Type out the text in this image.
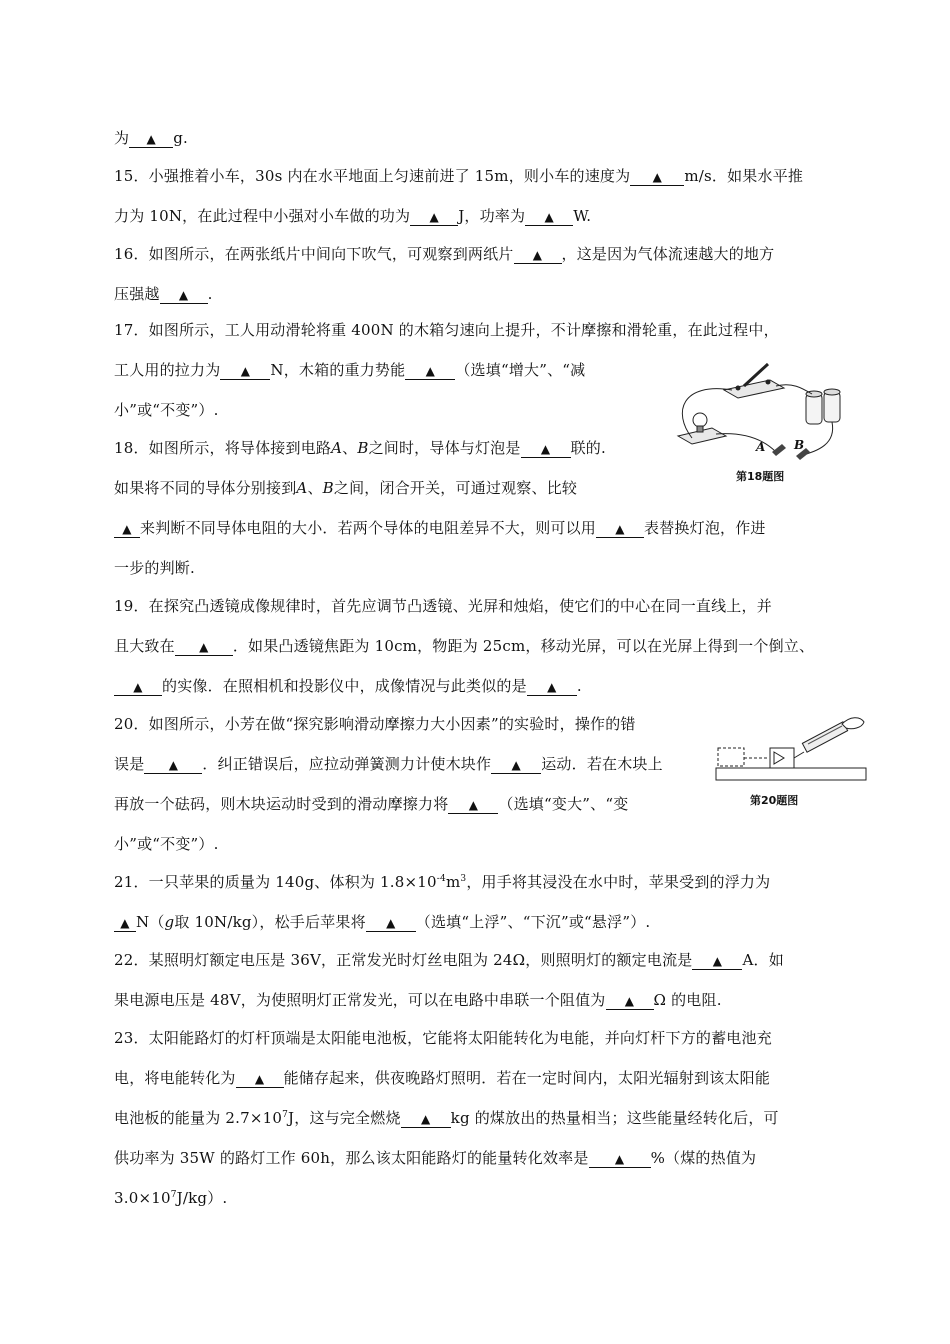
为 ▲ g.
15．小强推着小车，30s 内在水平地面上匀速前进了 15m，则小车的速度为 ▲ m/s．如果水平推
力为 10N，在此过程中小强对小车做的功为 ▲ J，功率为 ▲ W.
16．如图所示，在两张纸片中间向下吹气，可观察到两纸片 ▲ ，这是因为气体流速越大的地方
压强越 ▲ .
17．如图所示，工人用动滑轮将重 400N 的木箱匀速向上提升，不计摩擦和滑轮重，在此过程中，
工人用的拉力为 ▲ N，木箱的重力势能 ▲ （选填“增大”、“减
小”或“不变”）.
18．如图所示，将导体接到电路A、B之间时，导体与灯泡是 ▲ 联的.
如果将不同的导体分别接到A、B之间，闭合开关，可通过观察、比较
▲ 来判断不同导体电阻的大小．若两个导体的电阻差异不大，则可以用 ▲ 表替换灯泡，作进
一步的判断.
19．在探究凸透镜成像规律时，首先应调节凸透镜、光屏和烛焰，使它们的中心在同一直线上，并
且大致在 ▲ ．如果凸透镜焦距为 10cm，物距为 25cm，移动光屏，可以在光屏上得到一个倒立、
▲ 的实像．在照相机和投影仪中，成像情况与此类似的是 ▲ .
20．如图所示，小芳在做“探究影响滑动摩擦力大小因素”的实验时，操作的错
误是 ▲ ．纠正错误后，应拉动弹簧测力计使木块作 ▲ 运动．若在木块上
再放一个砝码，则木块运动时受到的滑动摩擦力将 ▲ （选填“变大”、“变
小”或“不变”）.
21．一只苹果的质量为 140g、体积为 $1.8\times 10^{-4}m^3$，用手将其浸没在水中时，苹果受到的浮力为
▲ N（g取 10N/kg），松手后苹果将 ▲ （选填“上浮”、“下沉”或“悬浮”）.
22．某照明灯额定电压是 36V，正常发光时灯丝电阻为 24Ω，则照明灯的额定电流是 ▲ A．如
果电源电压是 48V，为使照明灯正常发光，可以在电路中串联一个阻值为 ▲ Ω 的电阻.
23．太阳能路灯的灯杆顶端是太阳能电池板，它能将太阳能转化为电能，并向灯杆下方的蓄电池充
电，将电能转化为 ▲ 能储存起来，供夜晚路灯照明．若在一定时间内，太阳光辐射到该太阳能
电池板的能量为 $2.7\times 10^7J$，这与完全燃烧 ▲ kg 的煤放出的热量相当；这些能量经转化后，可
供功率为 35W 的路灯工作 60h，那么该太阳能路灯的能量转化效率是 ▲ %（煤的热值为
$3.0\times 10^7J/kg$）.
A B
第18题图
第20题图
